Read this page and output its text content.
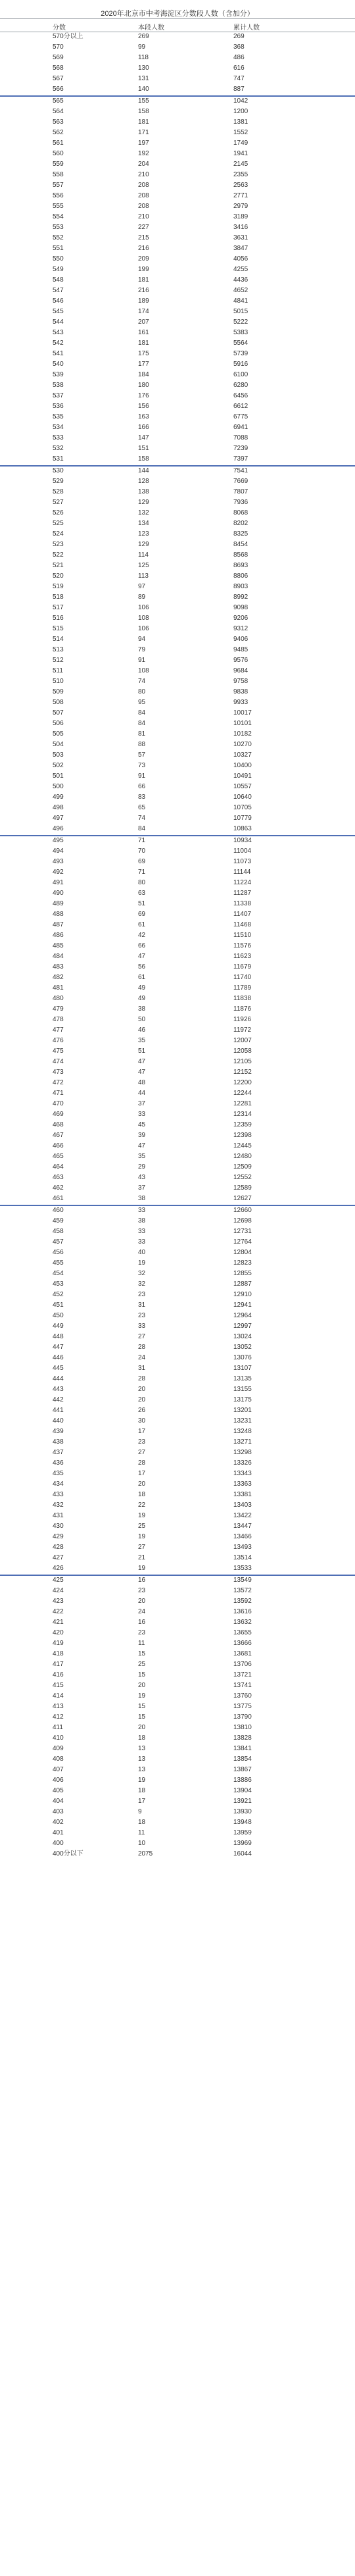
2020年北京市中考海淀区分数段人数（含加分）
分数	本段人数	累计人数
570分以上	269	269
570	99	368
569	118	486
568	130	616
567	131	747
566	140	887
565	155	1042
564	158	1200
563	181	1381
562	171	1552
561	197	1749
560	192	1941
559	204	2145
558	210	2355
557	208	2563
556	208	2771
555	208	2979
554	210	3189
553	227	3416
552	215	3631
551	216	3847
550	209	4056
549	199	4255
548	181	4436
547	216	4652
546	189	4841
545	174	5015
544	207	5222
543	161	5383
542	181	5564
541	175	5739
540	177	5916
539	184	6100
538	180	6280
537	176	6456
536	156	6612
535	163	6775
534	166	6941
533	147	7088
532	151	7239
531	158	7397
530	144	7541
529	128	7669
528	138	7807
527	129	7936
526	132	8068
525	134	8202
524	123	8325
523	129	8454
522	114	8568
521	125	8693
520	113	8806
519	97	8903
518	89	8992
517	106	9098
516	108	9206
515	106	9312
514	94	9406
513	79	9485
512	91	9576
511	108	9684
510	74	9758
509	80	9838
508	95	9933
507	84	10017
506	84	10101
505	81	10182
504	88	10270
503	57	10327
502	73	10400
501	91	10491
500	66	10557
499	83	10640
498	65	10705
497	74	10779
496	84	10863
495	71	10934
494	70	11004
493	69	11073
492	71	11144
491	80	11224
490	63	11287
489	51	11338
488	69	11407
487	61	11468
486	42	11510
485	66	11576
484	47	11623
483	56	11679
482	61	11740
481	49	11789
480	49	11838
479	38	11876
478	50	11926
477	46	11972
476	35	12007
475	51	12058
474	47	12105
473	47	12152
472	48	12200
471	44	12244
470	37	12281
469	33	12314
468	45	12359
467	39	12398
466	47	12445
465	35	12480
464	29	12509
463	43	12552
462	37	12589
461	38	12627
460	33	12660
459	38	12698
458	33	12731
457	33	12764
456	40	12804
455	19	12823
454	32	12855
453	32	12887
452	23	12910
451	31	12941
450	23	12964
449	33	12997
448	27	13024
447	28	13052
446	24	13076
445	31	13107
444	28	13135
443	20	13155
442	20	13175
441	26	13201
440	30	13231
439	17	13248
438	23	13271
437	27	13298
436	28	13326
435	17	13343
434	20	13363
433	18	13381
432	22	13403
431	19	13422
430	25	13447
429	19	13466
428	27	13493
427	21	13514
426	19	13533
425	16	13549
424	23	13572
423	20	13592
422	24	13616
421	16	13632
420	23	13655
419	11	13666
418	15	13681
417	25	13706
416	15	13721
415	20	13741
414	19	13760
413	15	13775
412	15	13790
411	20	13810
410	18	13828
409	13	13841
408	13	13854
407	13	13867
406	19	13886
405	18	13904
404	17	13921
403	9	13930
402	18	13948
401	11	13959
400	10	13969
400分以下	2075	16044
